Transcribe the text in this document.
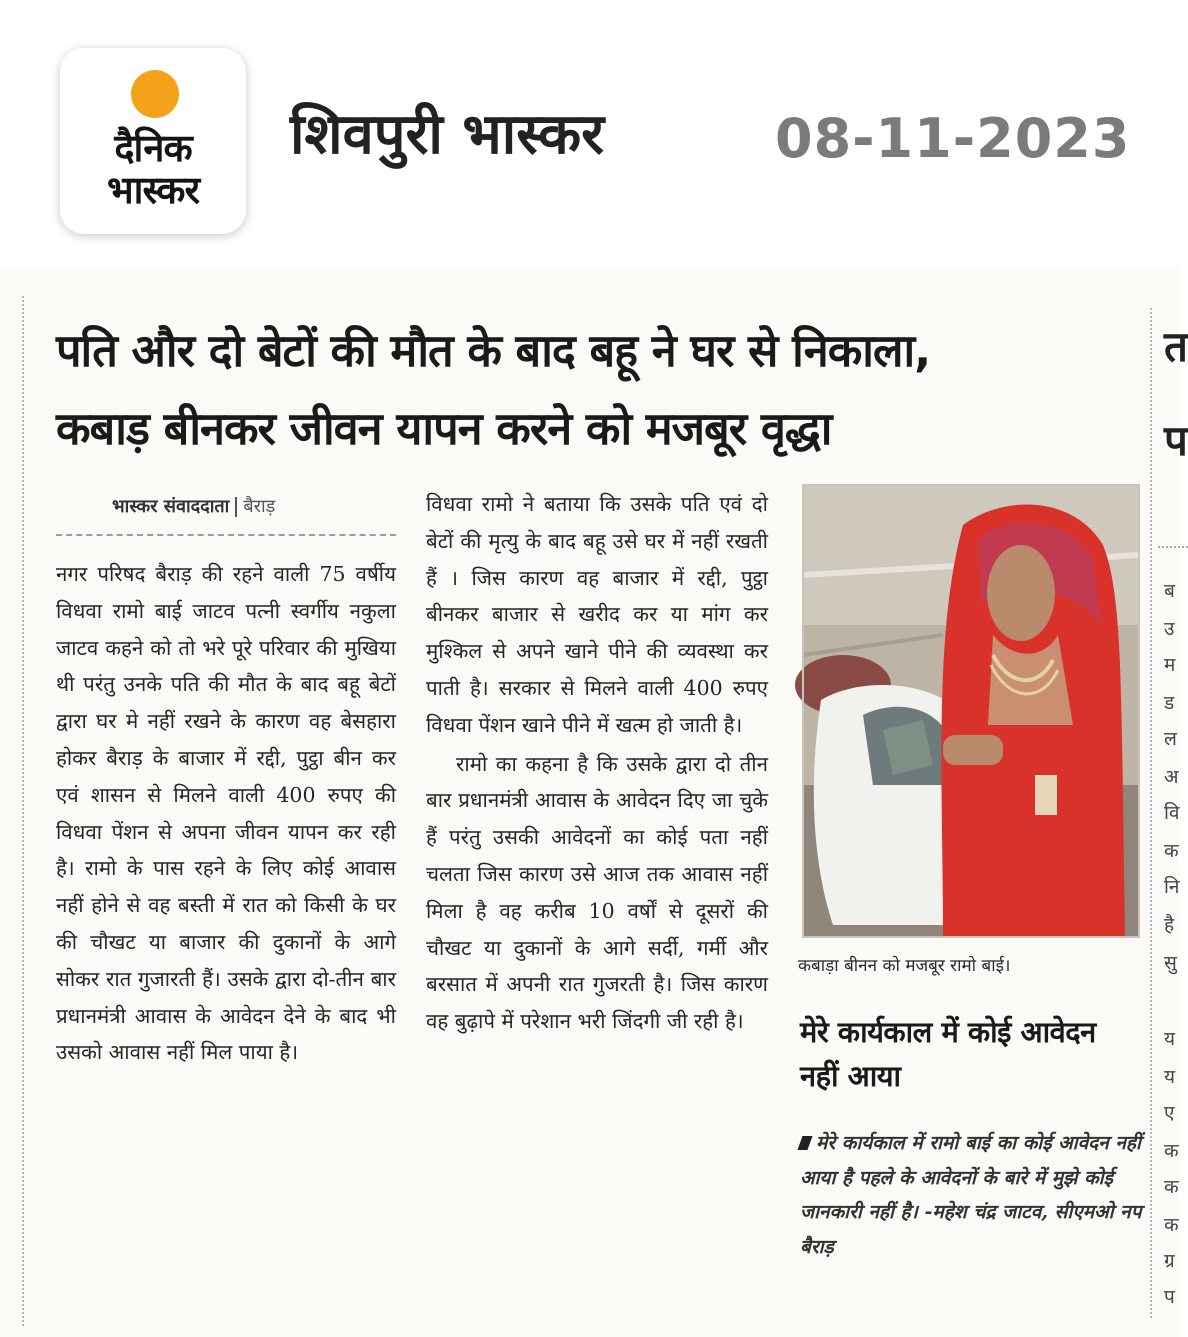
दैनिक
भास्कर
शिवपुरी भास्कर	08-11-2023
पति और दो बेटों की मौत के बाद बहू ने घर से निकाला,
कबाड़ बीनकर जीवन यापन करने को मजबूर वृद्धा
भास्कर संवाददाता बैराड़

नगर परिषद बैराड़ की रहने वाली 75 वर्षीय विधवा रामो बाई जाटव पत्नी स्वर्गीय नकुला जाटव कहने को तो भरे पूरे परिवार की मुखिया थी परंतु उनके पति की मौत के बाद बहू बेटों द्वारा घर मे नहीं रखने के कारण वह बेसहारा होकर बैराड़ के बाजार में रद्दी, पुट्ठा बीन कर एवं शासन से मिलने वाली 400 रुपए की विधवा पेंशन से अपना जीवन यापन कर रही है। रामो के पास रहने के लिए कोई आवास नहीं होने से वह बस्ती में रात को किसी के घर की चौखट या बाजार की दुकानों के आगे सोकर रात गुजारती हैं। उसके द्वारा दो-तीन बार प्रधानमंत्री आवास के आवेदन देने के बाद भी उसको आवास नहीं मिल पाया है।

विधवा रामो ने बताया कि उसके पति एवं दो बेटों की मृत्यु के बाद बहू उसे घर में नहीं रखती हैं । जिस कारण वह बाजार में रद्दी, पुट्ठा बीनकर बाजार से खरीद कर या मांग कर मुश्किल से अपने खाने पीने की व्यवस्था कर पाती है। सरकार से मिलने वाली 400 रुपए विधवा पेंशन खाने पीने में खत्म हो जाती है।

रामो का कहना है कि उसके द्वारा दो तीन बार प्रधानमंत्री आवास के आवेदन दिए जा चुके हैं परंतु उसकी आवेदनों का कोई पता नहीं चलता जिस कारण उसे आज तक आवास नहीं मिला है वह करीब 10 वर्षों से दूसरों की चौखट या दुकानों के आगे सर्दी, गर्मी और बरसात में अपनी रात गुजरती है। जिस कारण वह बुढ़ापे में परेशान भरी जिंदगी जी रही है।

कबाड़ा बीनन को मजबूर रामो बाई।
मेरे कार्यकाल में कोई आवेदन नहीं आया
मेरे कार्यकाल में रामो बाई का कोई आवेदन नहीं आया है पहले के आवेदनों के बारे में मुझे कोई जानकारी नहीं है। -महेश चंद्र जाटव, सीएमओ नप बैराड़
त
प
ब
उ
म
ड
ल
अ
वि
क
नि
है
सु
य
य
ए
क
क
क
ग्र
प
